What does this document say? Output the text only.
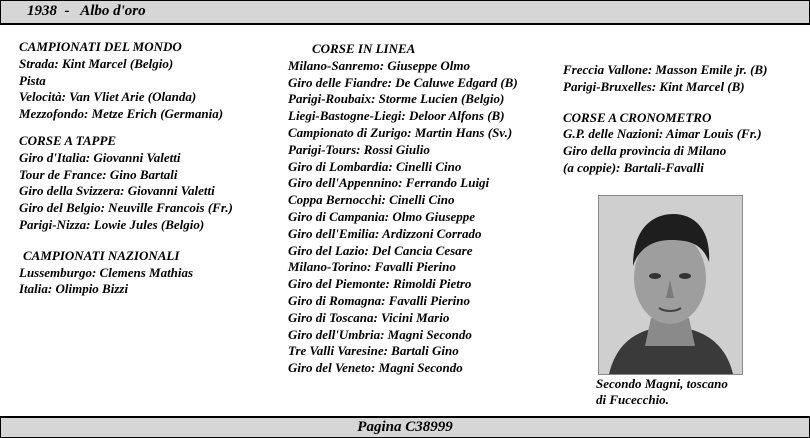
1938  -   Albo d'oro
CAMPIONATI DEL MONDO
Strada: Kint Marcel (Belgio)
Pista
Velocità: Van Vliet Arie (Olanda)
Mezzofondo: Metze Erich (Germania)
CORSE A TAPPE
Giro d'Italia: Giovanni Valetti
Tour de France: Gino Bartali
Giro della Svizzera: Giovanni Valetti
Giro del Belgio: Neuville Francois (Fr.)
Parigi-Nizza: Lowie Jules (Belgio)
CAMPIONATI NAZIONALI
Lussemburgo: Clemens Mathias
Italia: Olimpio Bizzi
CORSE IN LINEA
Milano-Sanremo: Giuseppe Olmo
Giro delle Fiandre: De Caluwe Edgard (B)
Parigi-Roubaix: Storme Lucien (Belgio)
Liegi-Bastogne-Liegi: Deloor Alfons (B)
Campionato di Zurigo: Martin Hans (Sv.)
Parigi-Tours: Rossi Giulio
Giro di Lombardia: Cinelli Cino
Giro dell'Appennino: Ferrando Luigi
Coppa Bernocchi: Cinelli Cino
Giro di Campania: Olmo Giuseppe
Giro dell'Emilia: Ardizzoni Corrado
Giro del Lazio: Del Cancia Cesare
Milano-Torino: Favalli Pierino
Giro del Piemonte: Rimoldi Pietro
Giro di Romagna: Favalli Pierino
Giro di Toscana: Vicini Mario
Giro dell'Umbria: Magni Secondo
Tre Valli Varesine: Bartali Gino
Giro del Veneto: Magni Secondo
Freccia Vallone: Masson Emile jr. (B)
Parigi-Bruxelles: Kint Marcel (B)
CORSE A CRONOMETRO
G.P. delle Nazioni: Aimar Louis (Fr.)
Giro della provincia di Milano
(a coppie): Bartali-Favalli
Secondo Magni, toscano
di Fucecchio.
Pagina C38999
